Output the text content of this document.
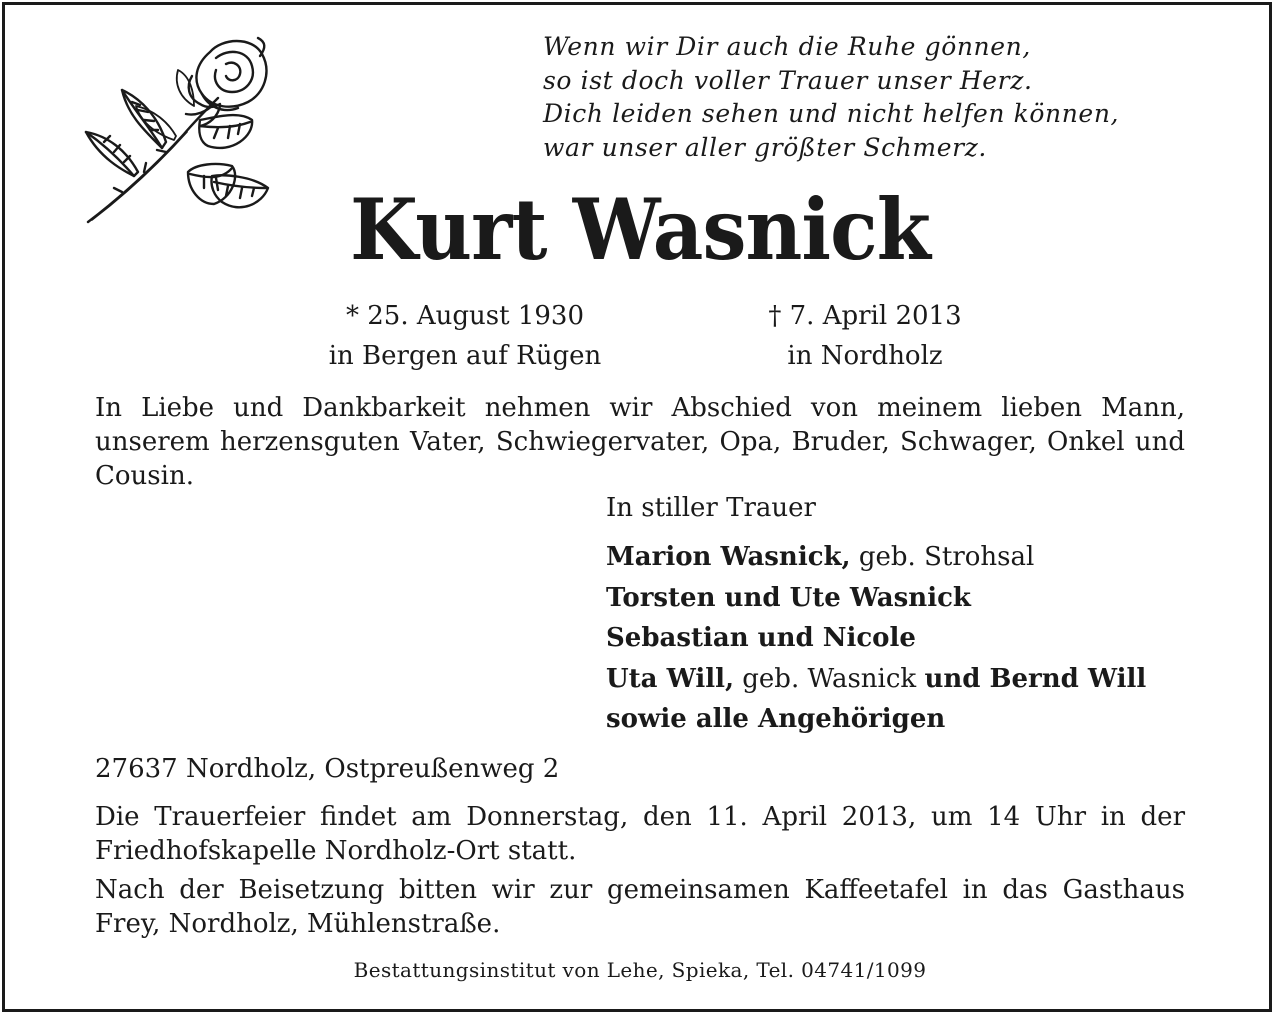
Wenn wir Dir auch die Ruhe gönnen,
so ist doch voller Trauer unser Herz.
Dich leiden sehen und nicht helfen können,
war unser aller größter Schmerz.
Kurt Wasnick
* 25. August 1930
in Bergen auf Rügen
† 7. April 2013
in Nordholz
In Liebe und Dankbarkeit nehmen wir Abschied von meinem lieben Mann, unserem herzensguten Vater, Schwiegervater, Opa, Bruder, Schwager, Onkel und Cousin.
In stiller Trauer
Marion Wasnick, geb. Strohsal
Torsten und Ute Wasnick
Sebastian und Nicole
Uta Will, geb. Wasnick und Bernd Will
sowie alle Angehörigen
27637 Nordholz, Ostpreußenweg 2
Die Trauerfeier findet am Donnerstag, den 11. April 2013, um 14 Uhr in der Friedhofskapelle Nordholz-Ort statt.
Nach der Beisetzung bitten wir zur gemeinsamen Kaffeetafel in das Gasthaus Frey, Nordholz, Mühlenstraße.
Bestattungsinstitut von Lehe, Spieka, Tel. 04741/1099
